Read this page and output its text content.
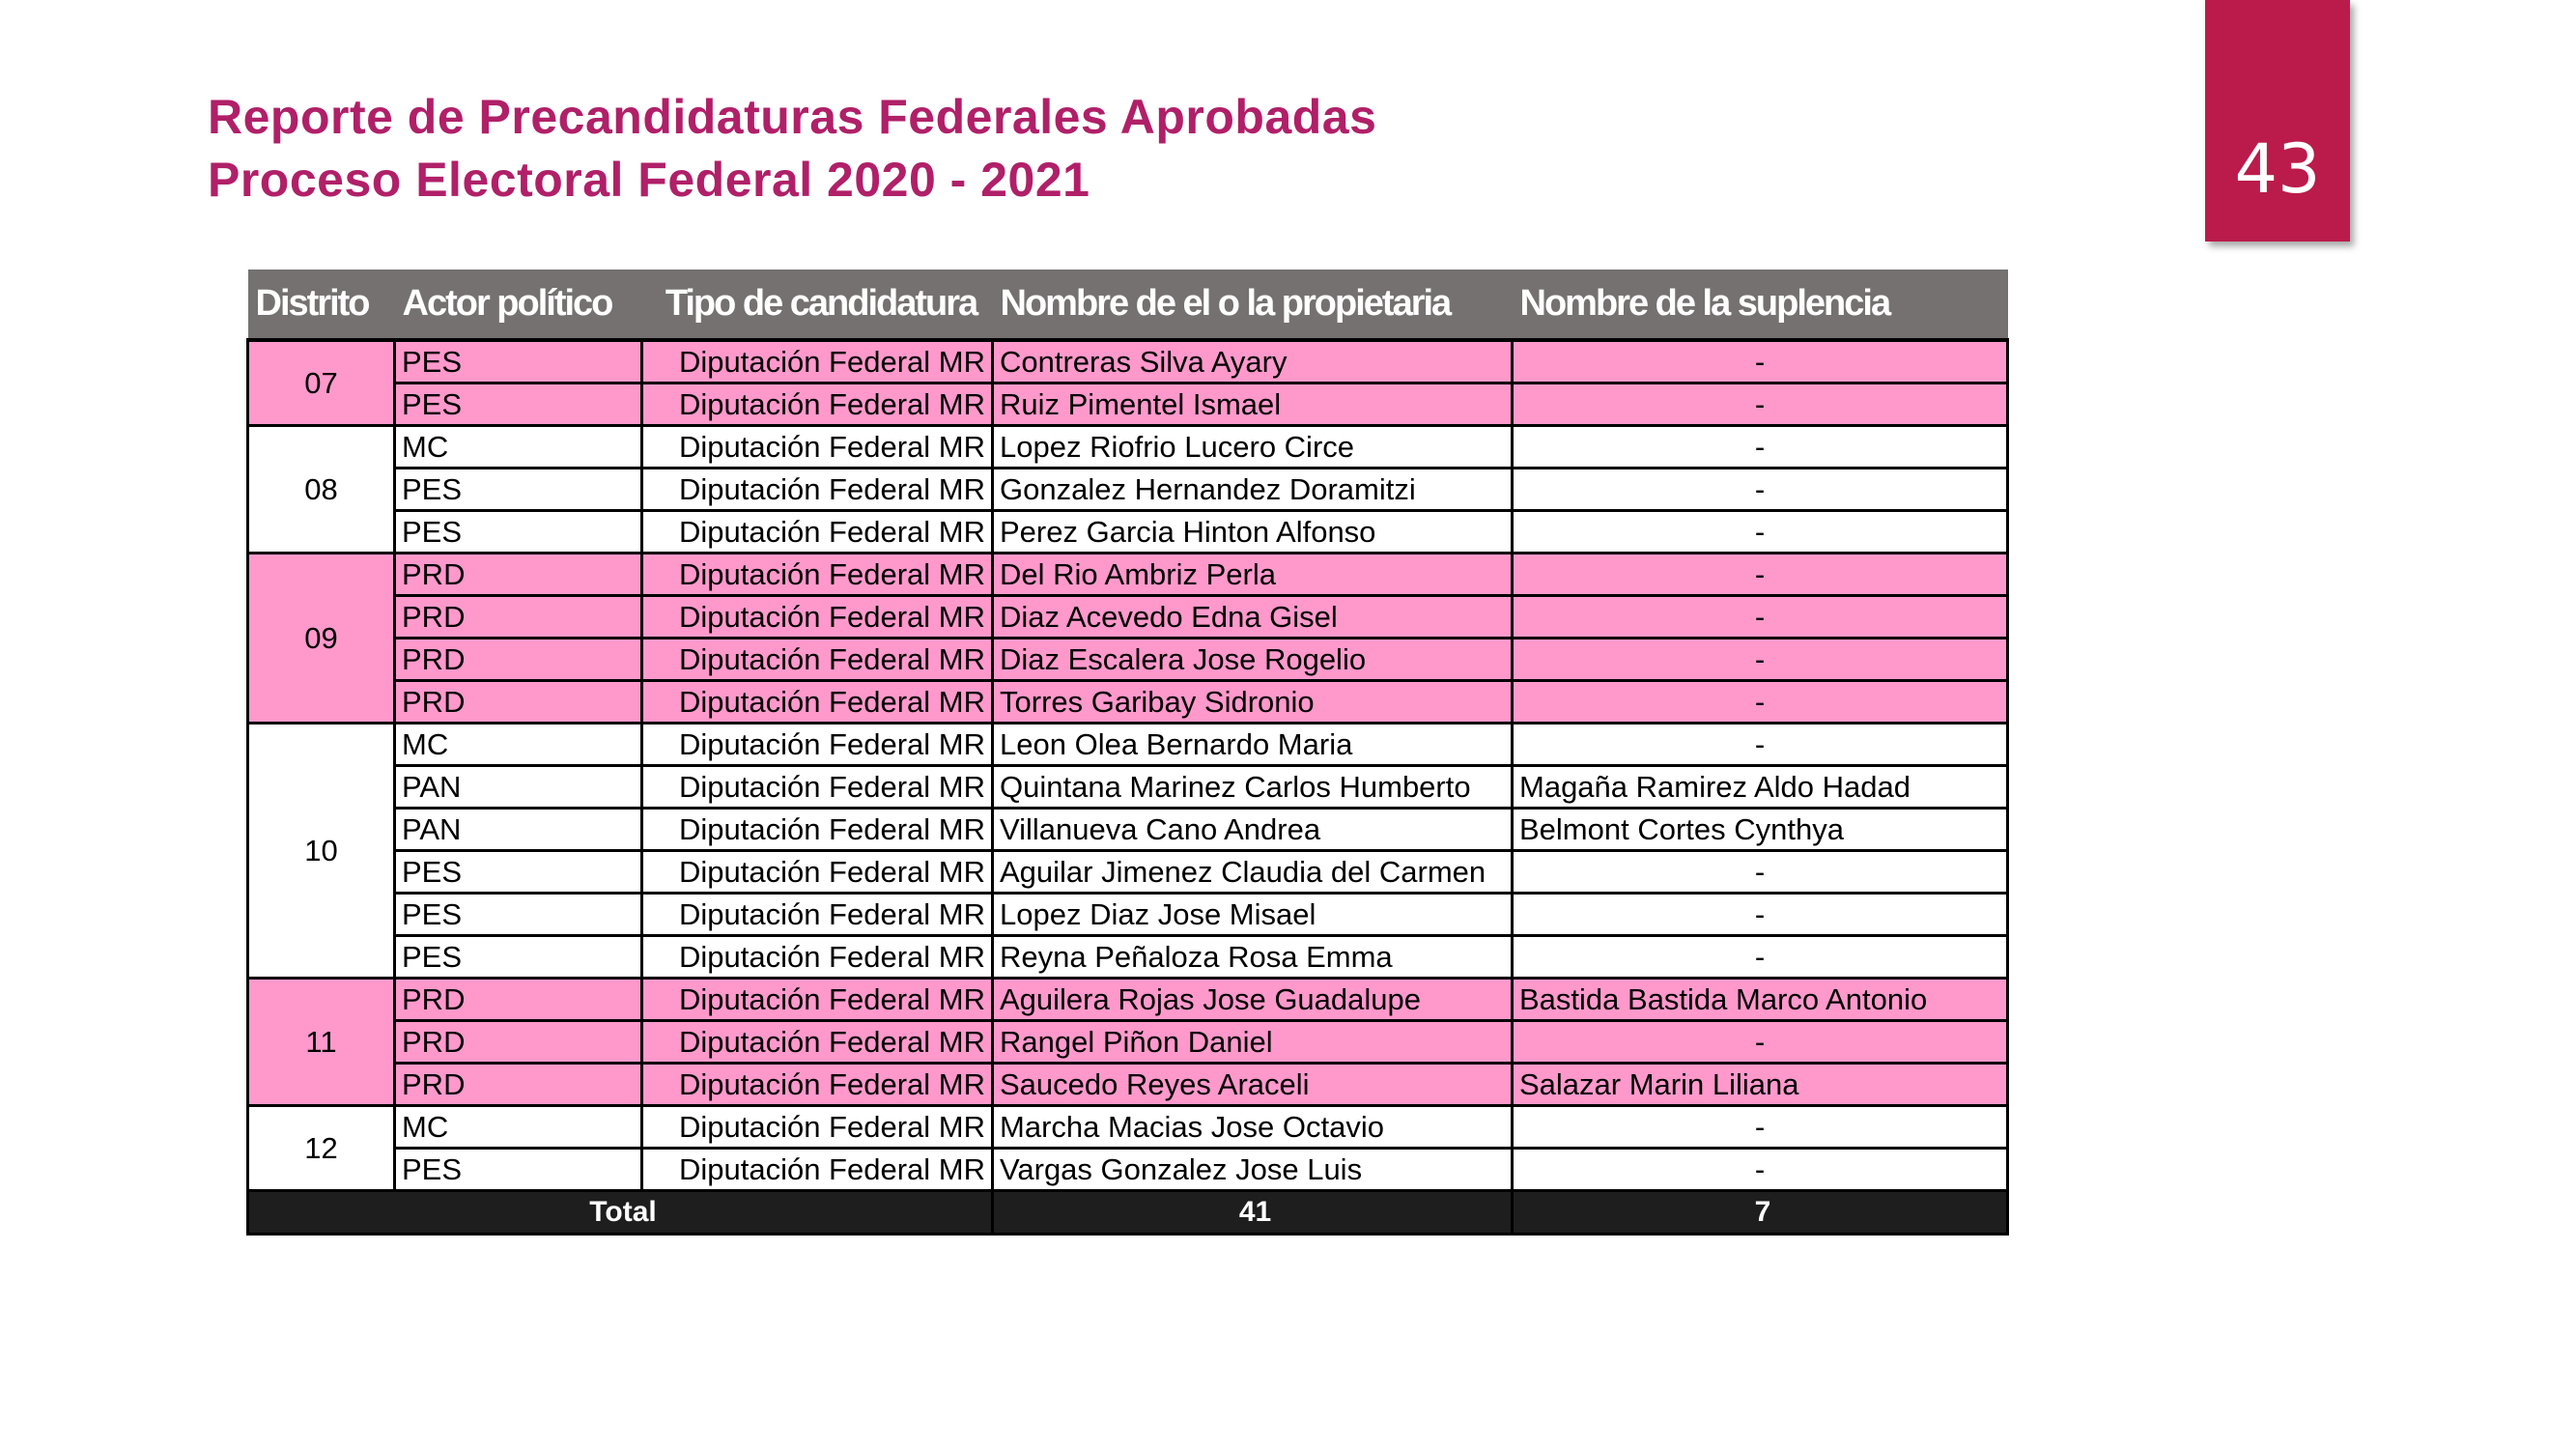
Reporte de Precandidaturas Federales Aprobadas
Proceso Electoral Federal 2020 - 2021	43
Distrito	Actor político	Tipo de candidatura	Nombre de el o la propietaria	Nombre de la suplencia
07	PES	Diputación Federal MR	Contreras Silva Ayary	-
	PES	Diputación Federal MR	Ruiz Pimentel Ismael	-
08	MC	Diputación Federal MR	Lopez Riofrio Lucero Circe	-
	PES	Diputación Federal MR	Gonzalez Hernandez Doramitzi	-
	PES	Diputación Federal MR	Perez Garcia Hinton Alfonso	-
09	PRD	Diputación Federal MR	Del Rio Ambriz Perla	-
	PRD	Diputación Federal MR	Diaz Acevedo Edna Gisel	-
	PRD	Diputación Federal MR	Diaz Escalera Jose Rogelio	-
	PRD	Diputación Federal MR	Torres Garibay Sidronio	-
10	MC	Diputación Federal MR	Leon Olea Bernardo Maria	-
	PAN	Diputación Federal MR	Quintana Marinez Carlos Humberto	Magaña Ramirez Aldo Hadad
	PAN	Diputación Federal MR	Villanueva Cano Andrea	Belmont Cortes Cynthya
	PES	Diputación Federal MR	Aguilar Jimenez Claudia del Carmen	-
	PES	Diputación Federal MR	Lopez Diaz Jose Misael	-
	PES	Diputación Federal MR	Reyna Peñaloza Rosa Emma	-
11	PRD	Diputación Federal MR	Aguilera Rojas Jose Guadalupe	Bastida Bastida Marco Antonio
	PRD	Diputación Federal MR	Rangel Piñon Daniel	-
	PRD	Diputación Federal MR	Saucedo Reyes Araceli	Salazar Marin Liliana
12	MC	Diputación Federal MR	Marcha Macias Jose Octavio	-
	PES	Diputación Federal MR	Vargas Gonzalez Jose Luis	-
Total			41	7
